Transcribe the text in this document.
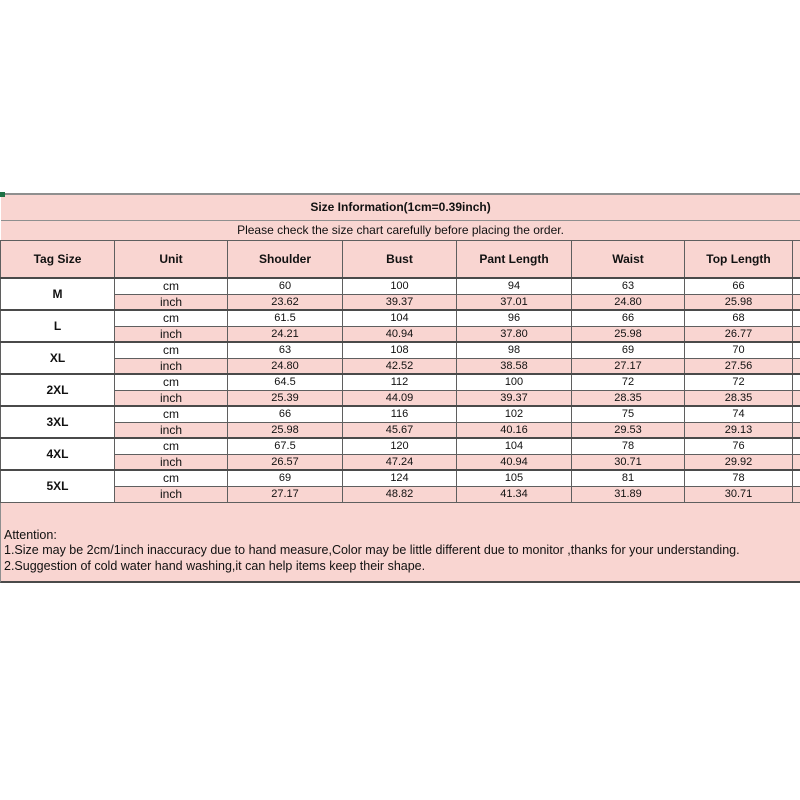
Size Information(1cm=0.39inch)							
Please check the size chart carefully before placing the order.							
Tag Size	Unit	Shoulder	Bust	Pant Length	Waist	Top Length	
M	cm	60	100	94	63	66	
	inch	23.62	39.37	37.01	24.80	25.98	
L	cm	61.5	104	96	66	68	
	inch	24.21	40.94	37.80	25.98	26.77	
XL	cm	63	108	98	69	70	
	inch	24.80	42.52	38.58	27.17	27.56	
2XL	cm	64.5	112	100	72	72	
	inch	25.39	44.09	39.37	28.35	28.35	
3XL	cm	66	116	102	75	74	
	inch	25.98	45.67	40.16	29.53	29.13	
4XL	cm	67.5	120	104	78	76	
	inch	26.57	47.24	40.94	30.71	29.92	
5XL	cm	69	124	105	81	78	
	inch	27.17	48.82	41.34	31.89	30.71	
Attention:
1.Size may be 2cm/1inch inaccuracy due to hand measure,Color may be little different due to monitor ,thanks for your understanding.
2.Suggestion of cold water hand washing,it can help items keep their shape.
